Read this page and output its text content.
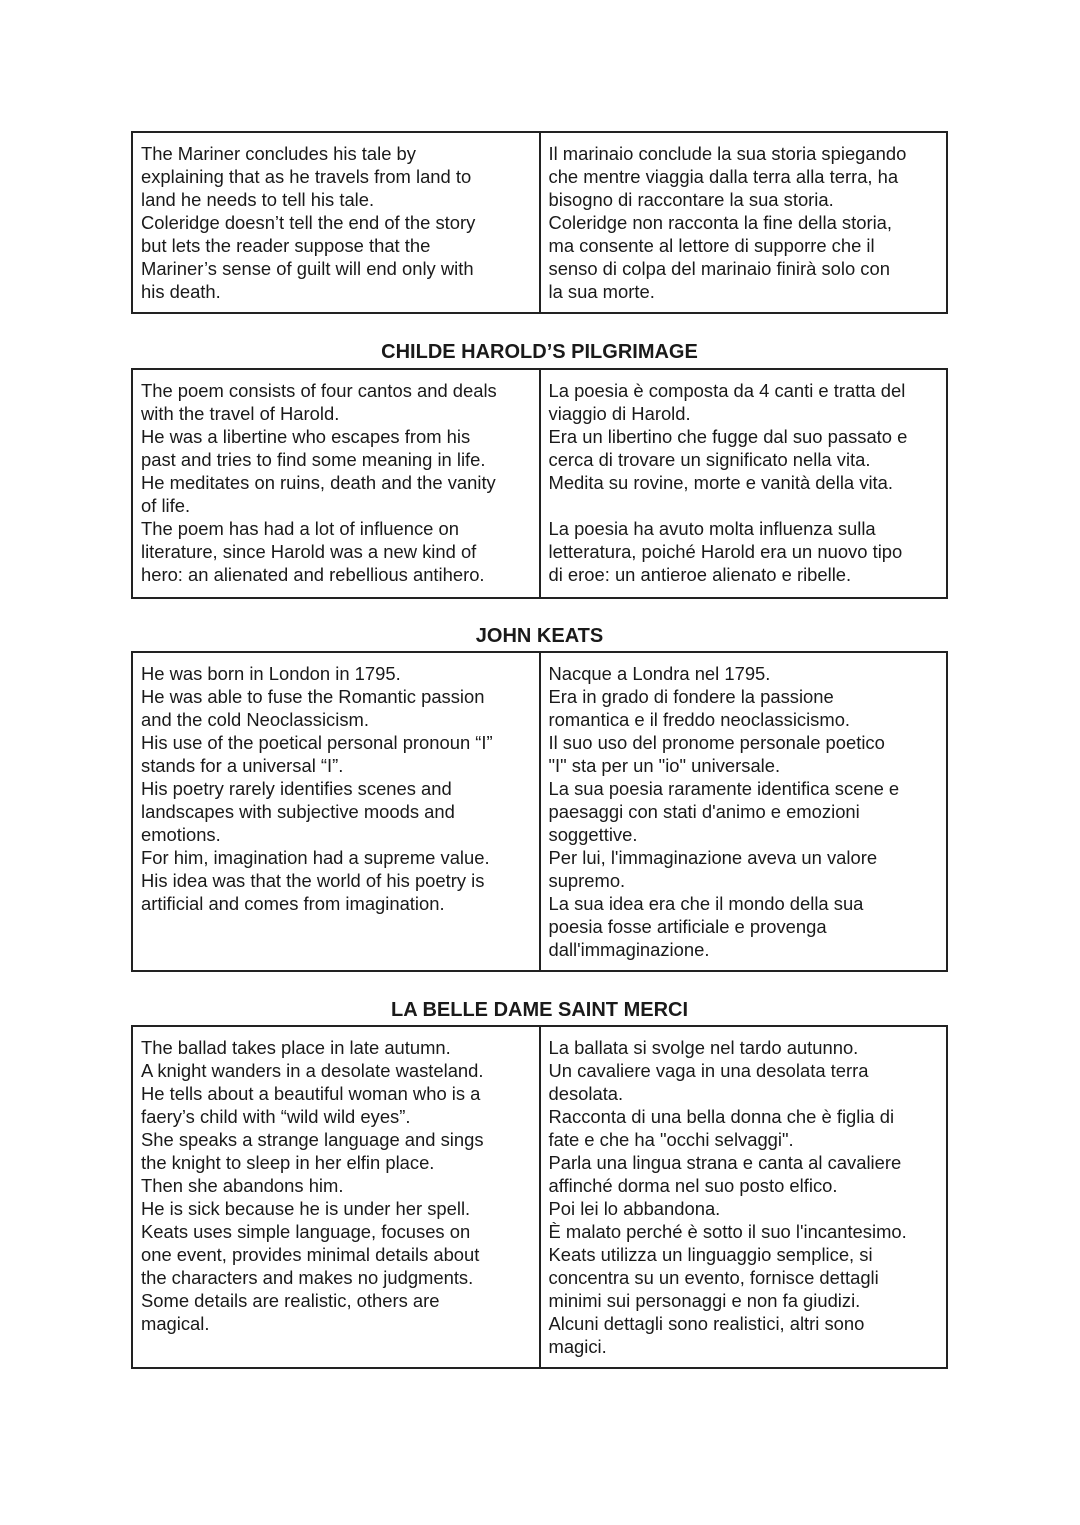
The Mariner concludes his tale by
explaining that as he travels from land to
land he needs to tell his tale.
Coleridge doesn’t tell the end of the story
but lets the reader suppose that the
Mariner’s sense of guilt will end only with
his death.	Il marinaio conclude la sua storia spiegando
che mentre viaggia dalla terra alla terra, ha
bisogno di raccontare la sua storia.
Coleridge non racconta la fine della storia,
ma consente al lettore di supporre che il
senso di colpa del marinaio finirà solo con
la sua morte.
CHILDE HAROLD’S PILGRIMAGE
The poem consists of four cantos and deals
with the travel of Harold.
He was a libertine who escapes from his
past and tries to find some meaning in life.
He meditates on ruins, death and the vanity
of life.
The poem has had a lot of influence on
literature, since Harold was a new kind of
hero: an alienated and rebellious antihero.	La poesia è composta da 4 canti e tratta del
viaggio di Harold.
Era un libertino che fugge dal suo passato e
cerca di trovare un significato nella vita.
Medita su rovine, morte e vanità della vita.

La poesia ha avuto molta influenza sulla
letteratura, poiché Harold era un nuovo tipo
di eroe: un antieroe alienato e ribelle.
JOHN KEATS
He was born in London in 1795.
He was able to fuse the Romantic passion
and the cold Neoclassicism.
His use of the poetical personal pronoun “I”
stands for a universal “I”.
His poetry rarely identifies scenes and
landscapes with subjective moods and
emotions.
For him, imagination had a supreme value.
His idea was that the world of his poetry is
artificial and comes from imagination.	Nacque a Londra nel 1795.
Era in grado di fondere la passione
romantica e il freddo neoclassicismo.
Il suo uso del pronome personale poetico
"I" sta per un "io" universale.
La sua poesia raramente identifica scene e
paesaggi con stati d'animo e emozioni
soggettive.
Per lui, l'immaginazione aveva un valore
supremo.
La sua idea era che il mondo della sua
poesia fosse artificiale e provenga
dall'immaginazione.
LA BELLE DAME SAINT MERCI
The ballad takes place in late autumn.
A knight wanders in a desolate wasteland.
He tells about a beautiful woman who is a
faery’s child with “wild wild eyes”.
She speaks a strange language and sings
the knight to sleep in her elfin place.
Then she abandons him.
He is sick because he is under her spell.
Keats uses simple language, focuses on
one event, provides minimal details about
the characters and makes no judgments.
Some details are realistic, others are
magical.	La ballata si svolge nel tardo autunno.
Un cavaliere vaga in una desolata terra
desolata.
Racconta di una bella donna che è figlia di
fate e che ha "occhi selvaggi".
Parla una lingua strana e canta al cavaliere
affinché dorma nel suo posto elfico.
Poi lei lo abbandona.
È malato perché è sotto il suo l'incantesimo.
Keats utilizza un linguaggio semplice, si
concentra su un evento, fornisce dettagli
minimi sui personaggi e non fa giudizi.
Alcuni dettagli sono realistici, altri sono
magici.
